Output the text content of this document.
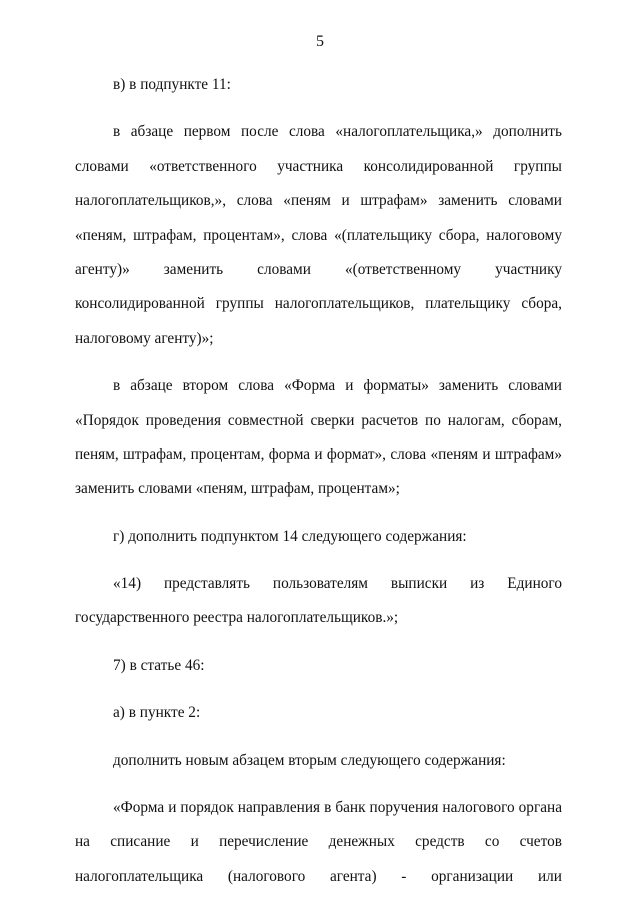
5
в) в подпункте 11:
в абзаце первом после слова «налогоплательщика,» дополнить
словами «ответственного участника консолидированной группы
налогоплательщиков,», слова «пеням и штрафам» заменить словами
«пеням, штрафам, процентам», слова «(плательщику сбора, налоговому
агенту)» заменить словами «(ответственному участнику
консолидированной группы налогоплательщиков, плательщику сбора,
налоговому агенту)»;
в абзаце втором слова «Форма и форматы» заменить словами
«Порядок проведения совместной сверки расчетов по налогам, сборам,
пеням, штрафам, процентам, форма и формат», слова «пеням и штрафам»
заменить словами «пеням, штрафам, процентам»;
г) дополнить подпунктом 14 следующего содержания:
«14) представлять пользователям выписки из Единого
государственного реестра налогоплательщиков.»;
7) в статье 46:
а) в пункте 2:
дополнить новым абзацем вторым следующего содержания:
«Форма и порядок направления в банк поручения налогового органа
на списание и перечисление денежных средств со счетов
налогоплательщика (налогового агента) - организации или
